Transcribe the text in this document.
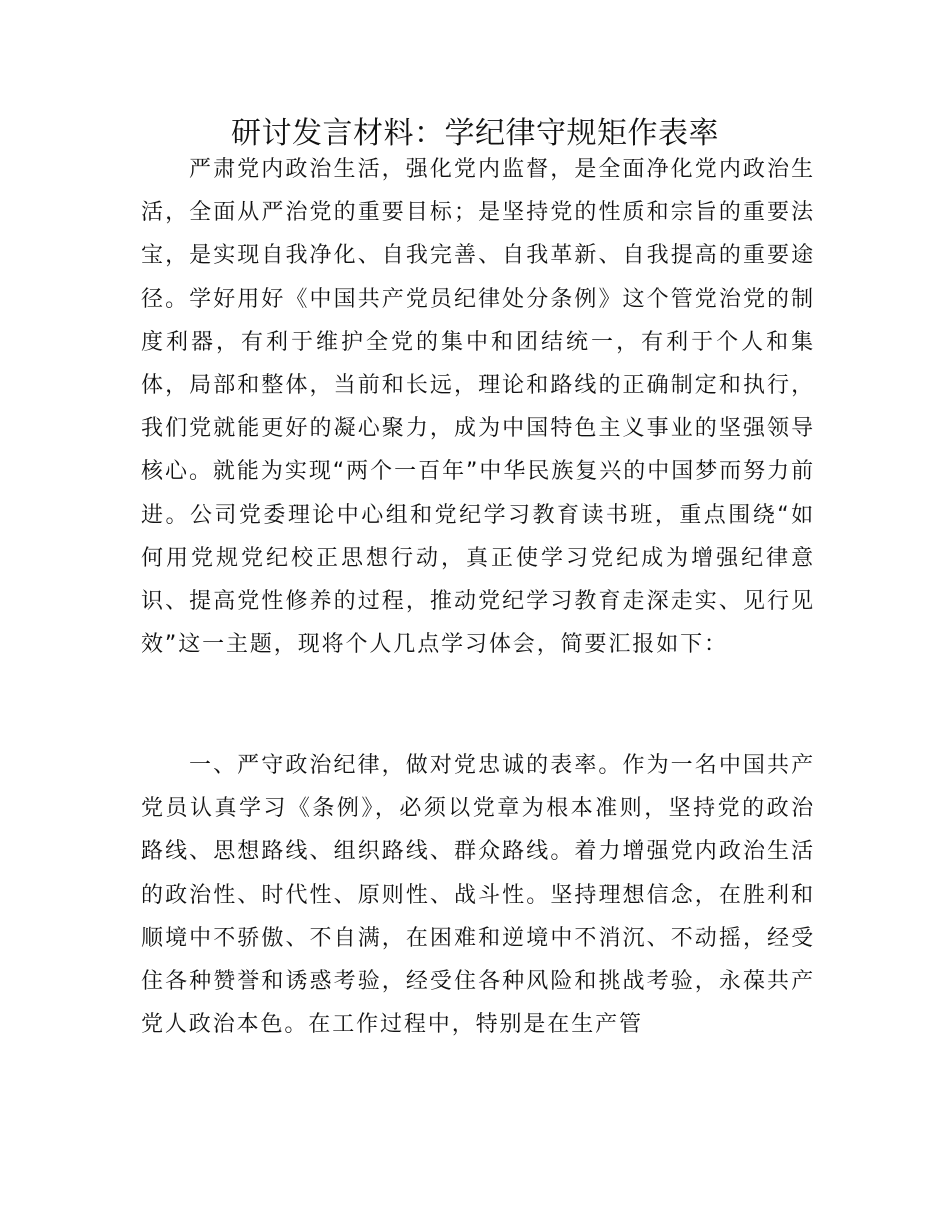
研讨发言材料：学纪律守规矩作表率

严肃党内政治生活，强化党内监督，是全面净化党内政治生活，全面从严治党的重要目标；是坚持党的性质和宗旨的重要法宝，是实现自我净化、自我完善、自我革新、自我提高的重要途径。学好用好《中国共产党员纪律处分条例》这个管党治党的制度利器，有利于维护全党的集中和团结统一，有利于个人和集体，局部和整体，当前和长远，理论和路线的正确制定和执行，我们党就能更好的凝心聚力，成为中国特色主义事业的坚强领导核心。就能为实现“两个一百年”中华民族复兴的中国梦而努力前进。公司党委理论中心组和党纪学习教育读书班，重点围绕“如何用党规党纪校正思想行动，真正使学习党纪成为增强纪律意识、提高党性修养的过程，推动党纪学习教育走深走实、见行见效”这一主题，现将个人几点学习体会，简要汇报如下：

一、严守政治纪律，做对党忠诚的表率。作为一名中国共产党员认真学习《条例》，必须以党章为根本准则，坚持党的政治路线、思想路线、组织路线、群众路线。着力增强党内政治生活的政治性、时代性、原则性、战斗性。坚持理想信念，在胜利和顺境中不骄傲、不自满，在困难和逆境中不消沉、不动摇，经受住各种赞誉和诱惑考验，经受住各种风险和挑战考验，永葆共产党人政治本色。在工作过程中，特别是在生产管
